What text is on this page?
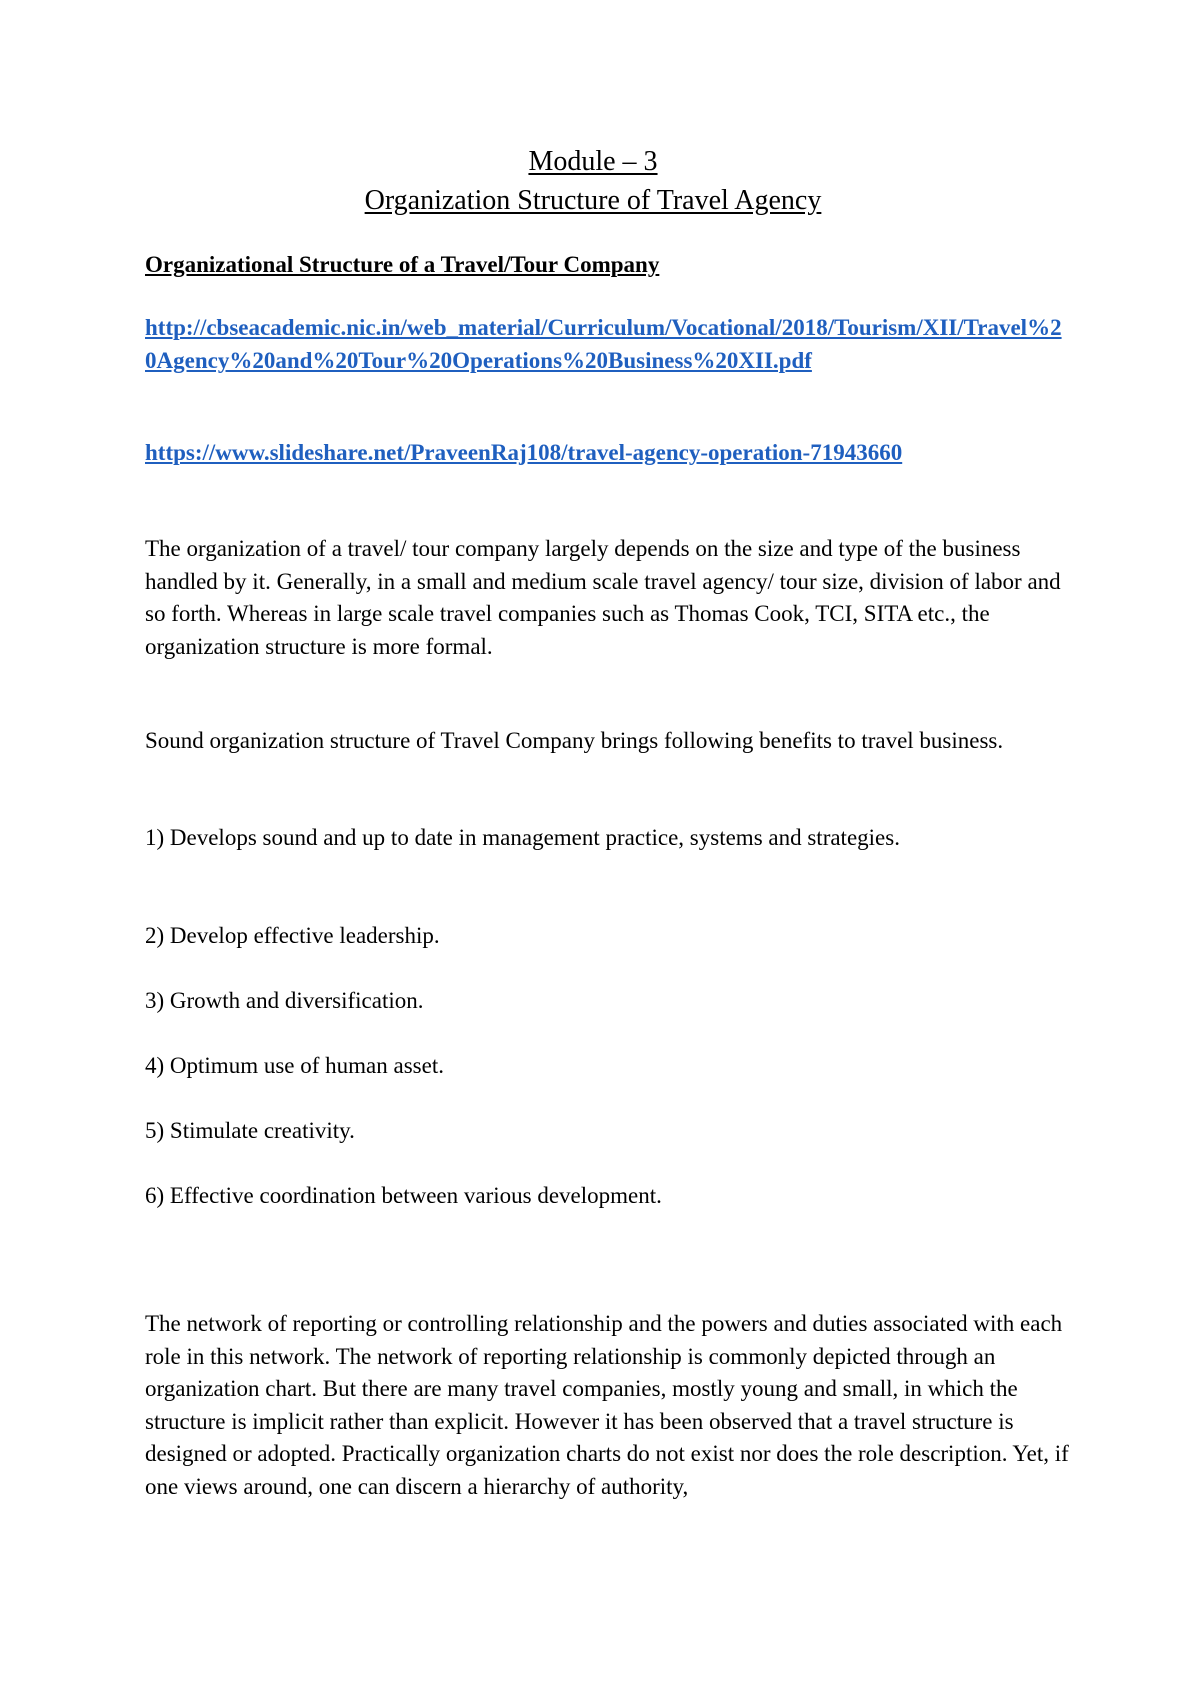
Module – 3
Organization Structure of Travel Agency
Organizational Structure of a Travel/Tour Company
http://cbseacademic.nic.in/web_material/Curriculum/Vocational/2018/Tourism/XII/Travel%20Agency%20and%20Tour%20Operations%20Business%20XII.pdf
https://www.slideshare.net/PraveenRaj108/travel-agency-operation-71943660
The organization of a travel/ tour company largely depends on the size and type of the business handled by it. Generally, in a small and medium scale travel agency/ tour size, division of labor and so forth. Whereas in large scale travel companies such as Thomas Cook, TCI, SITA etc., the organization structure is more formal.
Sound organization structure of Travel Company brings following benefits to travel business.
1) Develops sound and up to date in management practice, systems and strategies.
2) Develop effective leadership.
3) Growth and diversification.
4) Optimum use of human asset.
5) Stimulate creativity.
6) Effective coordination between various development.
The network of reporting or controlling relationship and the powers and duties associated with each role in this network. The network of reporting relationship is commonly depicted through an organization chart. But there are many travel companies, mostly young and small, in which the structure is implicit rather than explicit. However it has been observed that a travel structure is designed or adopted. Practically organization charts do not exist nor does the role description. Yet, if one views around, one can discern a hierarchy of authority,
